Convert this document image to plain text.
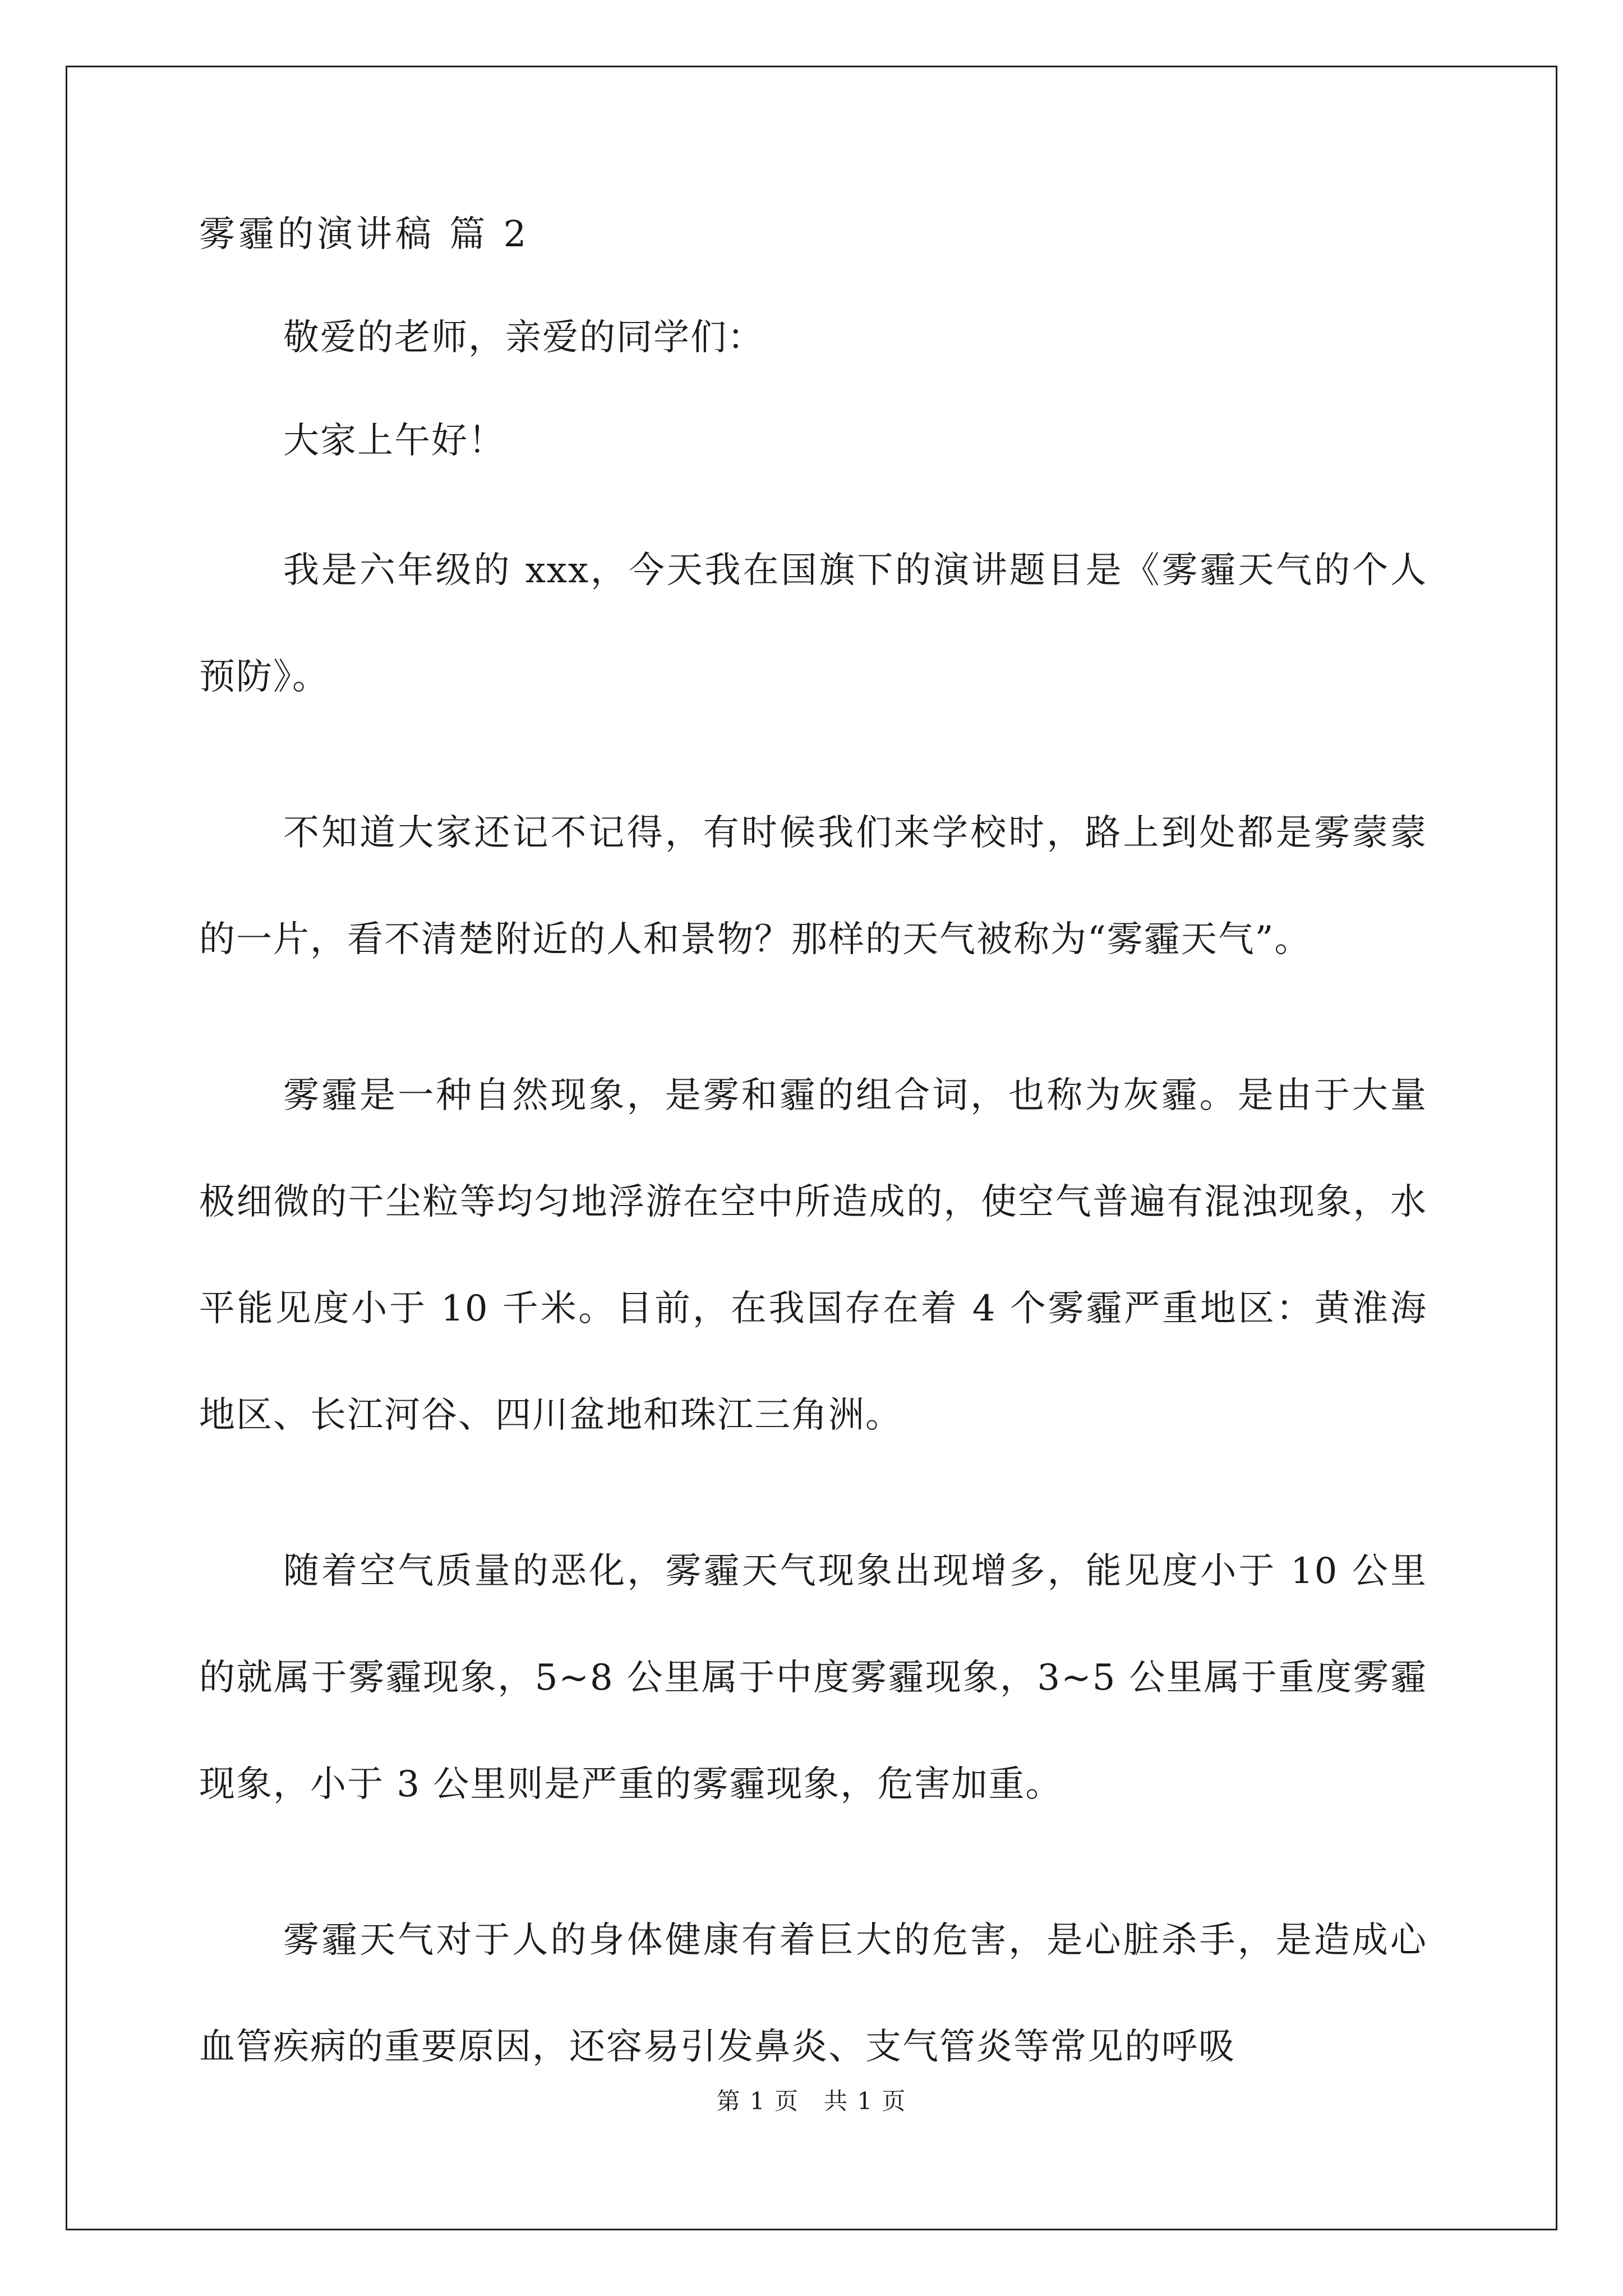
雾霾的演讲稿 篇 2

敬爱的老师，亲爱的同学们：

大家上午好！

我是六年级的 xxx，今天我在国旗下的演讲题目是《雾霾天气的个人预防》。

不知道大家还记不记得，有时候我们来学校时，路上到处都是雾蒙蒙的一片，看不清楚附近的人和景物？那样的天气被称为“雾霾天气”。

雾霾是一种自然现象，是雾和霾的组合词，也称为灰霾。是由于大量极细微的干尘粒等均匀地浮游在空中所造成的，使空气普遍有混浊现象，水平能见度小于 10 千米。目前，在我国存在着 4 个雾霾严重地区：黄淮海地区、长江河谷、四川盆地和珠江三角洲。

随着空气质量的恶化，雾霾天气现象出现增多，能见度小于 10 公里的就属于雾霾现象，5~8 公里属于中度雾霾现象，3~5 公里属于重度雾霾现象，小于 3 公里则是严重的雾霾现象，危害加重。

雾霾天气对于人的身体健康有着巨大的危害，是心脏杀手，是造成心血管疾病的重要原因，还容易引发鼻炎、支气管炎等常见的呼吸

第 1 页　共 1 页
